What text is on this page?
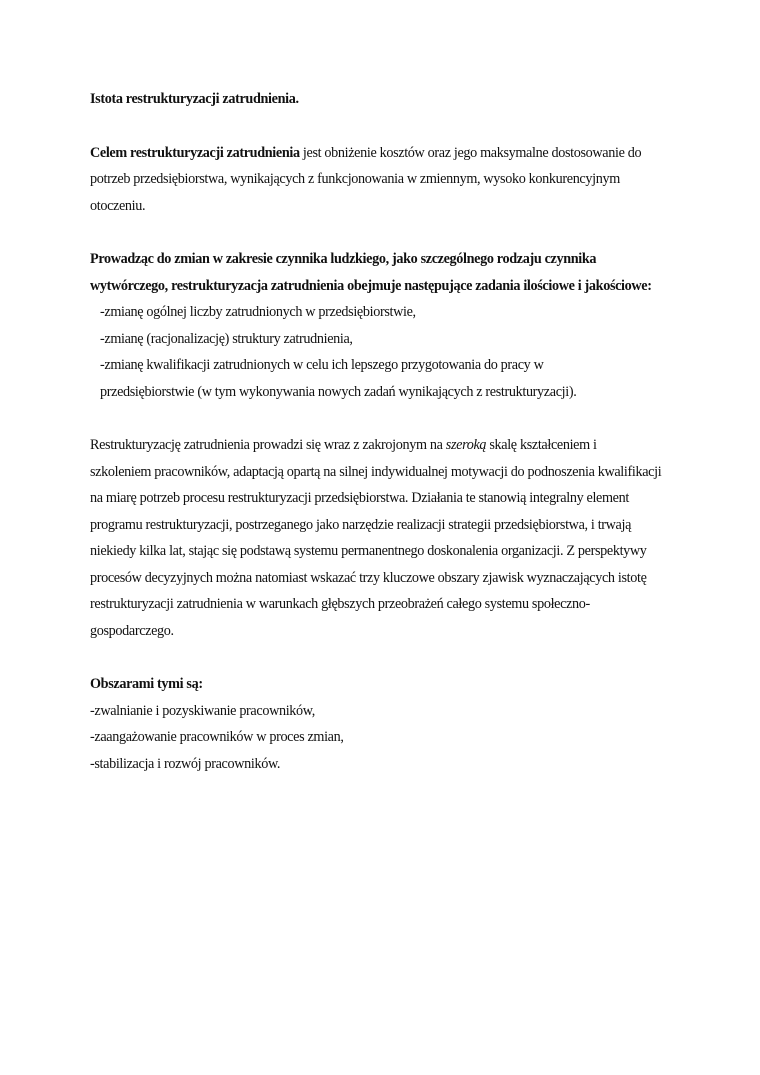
Istota restrukturyzacji zatrudnienia.

Celem restrukturyzacji zatrudnienia jest obniżenie kosztów oraz jego maksymalne dostosowanie do

potrzeb przedsiębiorstwa, wynikających z funkcjonowania w zmiennym, wysoko konkurencyjnym

otoczeniu.

Prowadząc do zmian w zakresie czynnika ludzkiego, jako szczególnego rodzaju czynnika

wytwórczego, restrukturyzacja zatrudnienia obejmuje następujące zadania ilościowe i jakościowe:

-zmianę ogólnej liczby zatrudnionych w przedsiębiorstwie,

-zmianę (racjonalizację) struktury zatrudnienia,

-zmianę kwalifikacji zatrudnionych w celu ich lepszego przygotowania do pracy w

przedsiębiorstwie (w tym wykonywania nowych zadań wynikających z restrukturyzacji).

Restrukturyzację zatrudnienia prowadzi się wraz z zakrojonym na szeroką skalę kształceniem i

szkoleniem pracowników, adaptacją opartą na silnej indywidualnej motywacji do podnoszenia kwalifikacji

na miarę potrzeb procesu restrukturyzacji przedsiębiorstwa. Działania te stanowią integralny element

programu restrukturyzacji, postrzeganego jako narzędzie realizacji strategii przedsiębiorstwa, i trwają

niekiedy kilka lat, stając się podstawą systemu permanentnego doskonalenia organizacji. Z perspektywy

procesów decyzyjnych można natomiast wskazać trzy kluczowe obszary zjawisk wyznaczających istotę

restrukturyzacji zatrudnienia w warunkach głębszych przeobrażeń całego systemu społeczno-

gospodarczego.

Obszarami tymi są:

-zwalnianie i pozyskiwanie pracowników,

-zaangażowanie pracowników w proces zmian,

-stabilizacja i rozwój pracowników.
